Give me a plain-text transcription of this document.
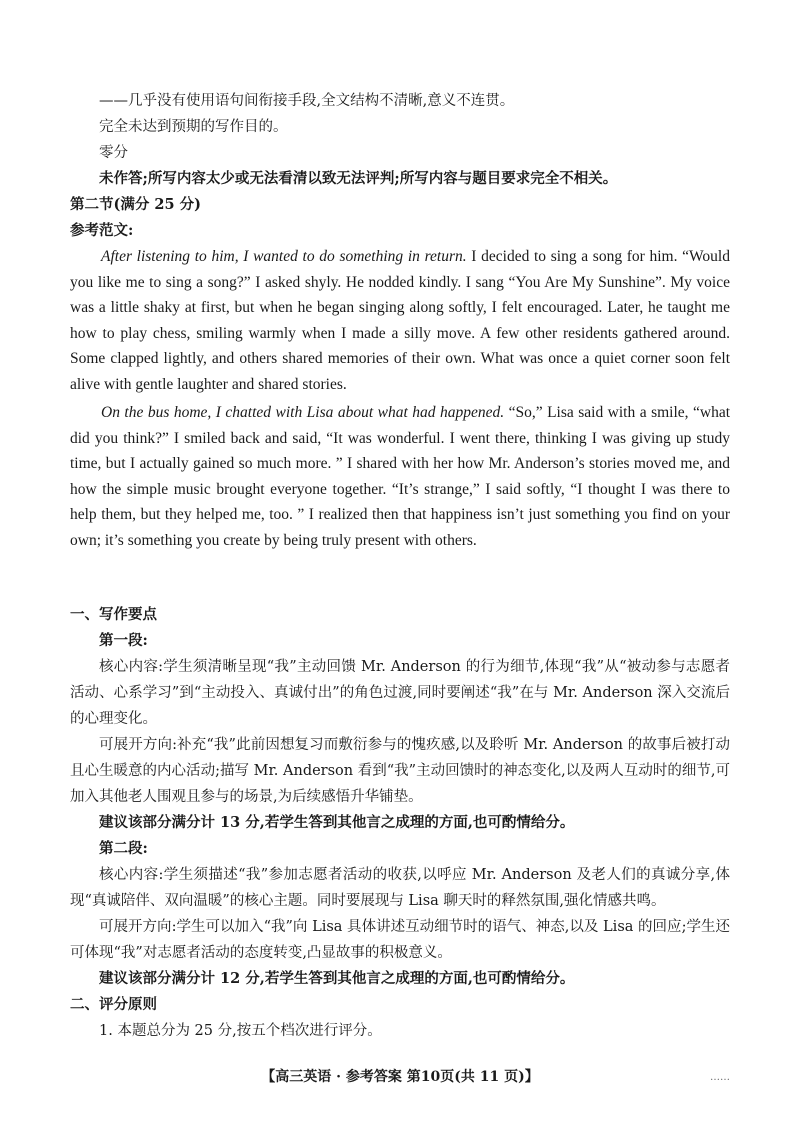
——几乎没有使用语句间衔接手段,全文结构不清晰,意义不连贯。

完全未达到预期的写作目的。

零分

未作答;所写内容太少或无法看清以致无法评判;所写内容与题目要求完全不相关。

第二节(满分 25 分)

参考范文:

After listening to him, I wanted to do something in return. I decided to sing a song for him. “Would you like me to sing a song?” I asked shyly. He nodded kindly. I sang “You Are My Sunshine”. My voice was a little shaky at first, but when he began singing along softly, I felt encouraged. Later, he taught me how to play chess, smiling warmly when I made a silly move. A few other residents gathered around. Some clapped lightly, and others shared memories of their own. What was once a quiet corner soon felt alive with gentle laughter and shared stories.

On the bus home, I chatted with Lisa about what had happened. “So,” Lisa said with a smile, “what did you think?” I smiled back and said, “It was wonderful. I went there, thinking I was giving up study time, but I actually gained so much more. ” I shared with her how Mr. Anderson’s stories moved me, and how the simple music brought everyone together. “It’s strange,” I said softly, “I thought I was there to help them, but they helped me, too. ” I realized then that happiness isn’t just something you find on your own; it’s something you create by being truly present with others.

一、写作要点

第一段:

核心内容:学生须清晰呈现“我”主动回馈 Mr. Anderson 的行为细节,体现“我”从“被动参与志愿者活动、心系学习”到“主动投入、真诚付出”的角色过渡,同时要阐述“我”在与 Mr. Anderson 深入交流后的心理变化。

可展开方向:补充“我”此前因想复习而敷衍参与的愧疚感,以及聆听 Mr. Anderson 的故事后被打动且心生暖意的内心活动;描写 Mr. Anderson 看到“我”主动回馈时的神态变化,以及两人互动时的细节,可加入其他老人围观且参与的场景,为后续感悟升华铺垫。

建议该部分满分计 13 分,若学生答到其他言之成理的方面,也可酌情给分。

第二段:

核心内容:学生须描述“我”参加志愿者活动的收获,以呼应 Mr. Anderson 及老人们的真诚分享,体现“真诚陪伴、双向温暖”的核心主题。同时要展现与 Lisa 聊天时的释然氛围,强化情感共鸣。

可展开方向:学生可以加入“我”向 Lisa 具体讲述互动细节时的语气、神态,以及 Lisa 的回应;学生还可体现“我”对志愿者活动的态度转变,凸显故事的积极意义。

建议该部分满分计 12 分,若学生答到其他言之成理的方面,也可酌情给分。

二、评分原则

1. 本题总分为 25 分,按五个档次进行评分。

【高三英语 · 参考答案 第10页(共 11 页)】	……
